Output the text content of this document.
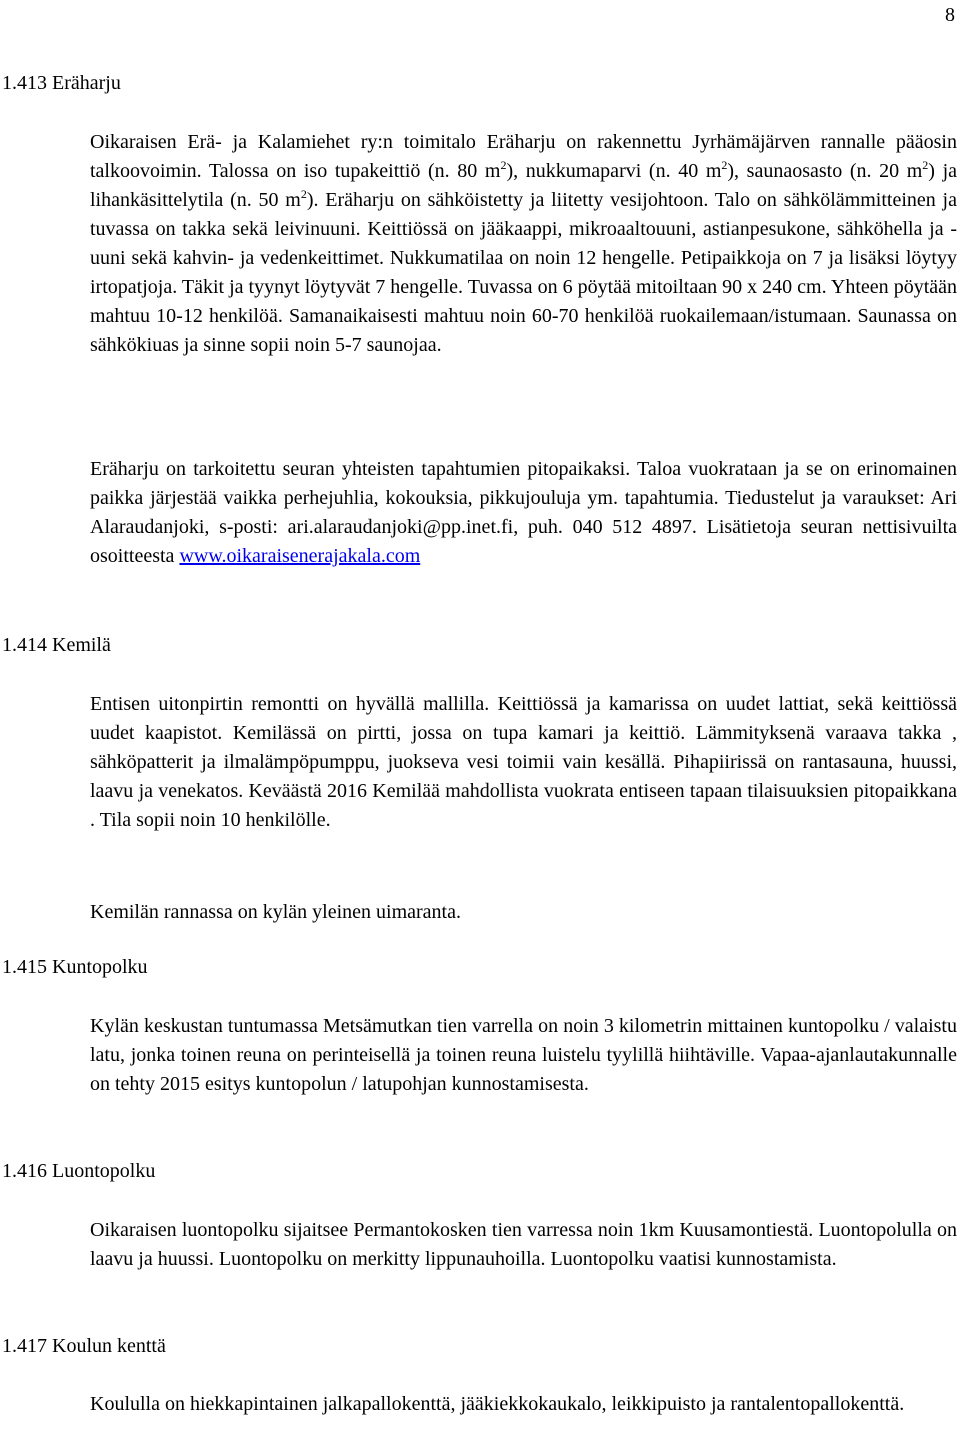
8
1.413 Eräharju

Oikaraisen Erä- ja Kalamiehet ry:n toimitalo Eräharju on rakennettu Jyrhämäjärven rannalle pääosin talkoovoimin. Talossa on iso tupakeittiö (n. 80 $m^2$), nukkumaparvi (n. 40 $m^2$), saunaosasto (n. 20 $m^2$) ja lihankäsittelytila (n. 50 $m^2$). Eräharju on sähköistetty ja liitetty vesijohtoon. Talo on sähkölämmitteinen ja tuvassa on takka sekä leivinuuni. Keittiössä on jääkaappi, mikroaaltouuni, astianpesukone, sähköhella ja -uuni sekä kahvin- ja vedenkeittimet. Nukkumatilaa on noin 12 hengelle. Petipaikkoja on 7 ja lisäksi löytyy irtopatjoja. Täkit ja tyynyt löytyvät 7 hengelle. Tuvassa on 6 pöytää mitoiltaan 90 x 240 cm. Yhteen pöytään mahtuu 10-12 henkilöä. Samanaikaisesti mahtuu noin 60-70 henkilöä ruokailemaan/istumaan. Saunassa on sähkökiuas ja sinne sopii noin 5-7 saunojaa.

Eräharju on tarkoitettu seuran yhteisten tapahtumien pitopaikaksi. Taloa vuokrataan ja se on erinomainen paikka järjestää vaikka perhejuhlia, kokouksia, pikkujouluja ym. tapahtumia. Tiedustelut ja varaukset: Ari Alaraudanjoki, s-posti: ari.alaraudanjoki@pp.inet.fi, puh. 040 512 4897. Lisätietoja seuran nettisivuilta osoitteesta www.oikaraisenerajakala.com

1.414 Kemilä

Entisen uitonpirtin remontti on hyvällä mallilla. Keittiössä ja kamarissa on uudet lattiat, sekä keittiössä uudet kaapistot. Kemilässä on pirtti, jossa on tupa kamari ja keittiö. Lämmityksenä varaava takka , sähköpatterit ja ilmalämpöpumppu, juokseva vesi toimii vain kesällä. Pihapiirissä on rantasauna, huussi, laavu ja venekatos. Keväästä 2016 Kemilää mahdollista vuokrata entiseen tapaan tilaisuuksien pitopaikkana . Tila sopii noin 10 henkilölle.

Kemilän rannassa on kylän yleinen uimaranta.

1.415 Kuntopolku

Kylän keskustan tuntumassa Metsämutkan tien varrella on noin 3 kilometrin mittainen kuntopolku / valaistu latu, jonka toinen reuna on perinteisellä ja toinen reuna luistelu tyylillä hiihtäville. Vapaa-ajanlautakunnalle on tehty 2015 esitys kuntopolun / latupohjan kunnostamisesta.

1.416 Luontopolku

Oikaraisen luontopolku sijaitsee Permantokosken tien varressa noin 1km Kuusamontiestä. Luontopolulla on laavu ja huussi. Luontopolku on merkitty lippunauhoilla. Luontopolku vaatisi kunnostamista.

1.417 Koulun kenttä

Koululla on hiekkapintainen jalkapallokenttä, jääkiekkokaukalo, leikkipuisto ja rantalentopallokenttä.
